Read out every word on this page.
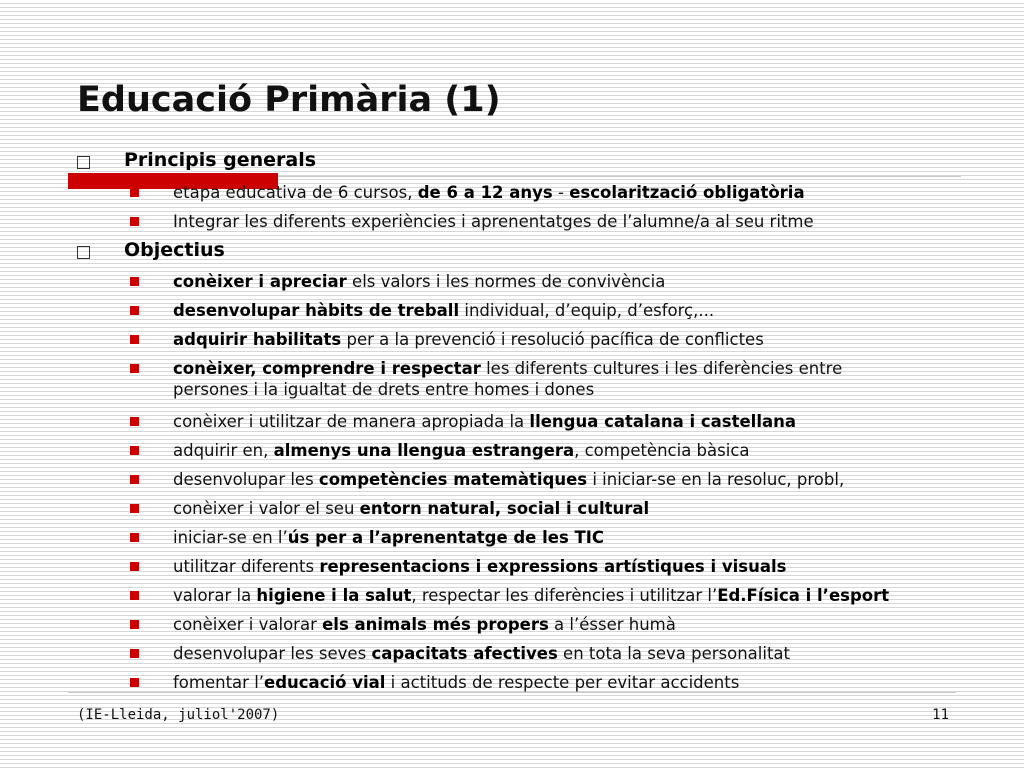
Educació Primària (1)
Principis generals
etapa educativa de 6 cursos, de 6 a 12 anys - escolarització obligatòria
Integrar les diferents experiències i aprenentatges de l’alumne/a al seu ritme
Objectius
conèixer i apreciar els valors i les normes de convivència
desenvolupar hàbits de treball individual, d’equip, d’esforç,...
adquirir habilitats per a la prevenció i resolució pacífica de conflictes
conèixer, comprendre i respectar les diferents cultures i les diferències entre persones i la igualtat de drets entre homes i dones
conèixer i utilitzar de manera apropiada la llengua catalana i castellana
adquirir en, almenys una llengua estrangera, competència bàsica
desenvolupar les competències matemàtiques i iniciar-se en la resoluc, probl,
conèixer i valor el seu entorn natural, social i cultural
iniciar-se en l’ús per a l’aprenentatge de les TIC
utilitzar diferents representacions i expressions artístiques i visuals
valorar la higiene i la salut, respectar les diferències i utilitzar l’Ed.Física i l’esport
conèixer i valorar els animals més propers a l’ésser humà
desenvolupar les seves capacitats afectives en tota la seva personalitat
fomentar l’educació vial i actituds de respecte per evitar accidents
(IE-Lleida, juliol'2007)	11
